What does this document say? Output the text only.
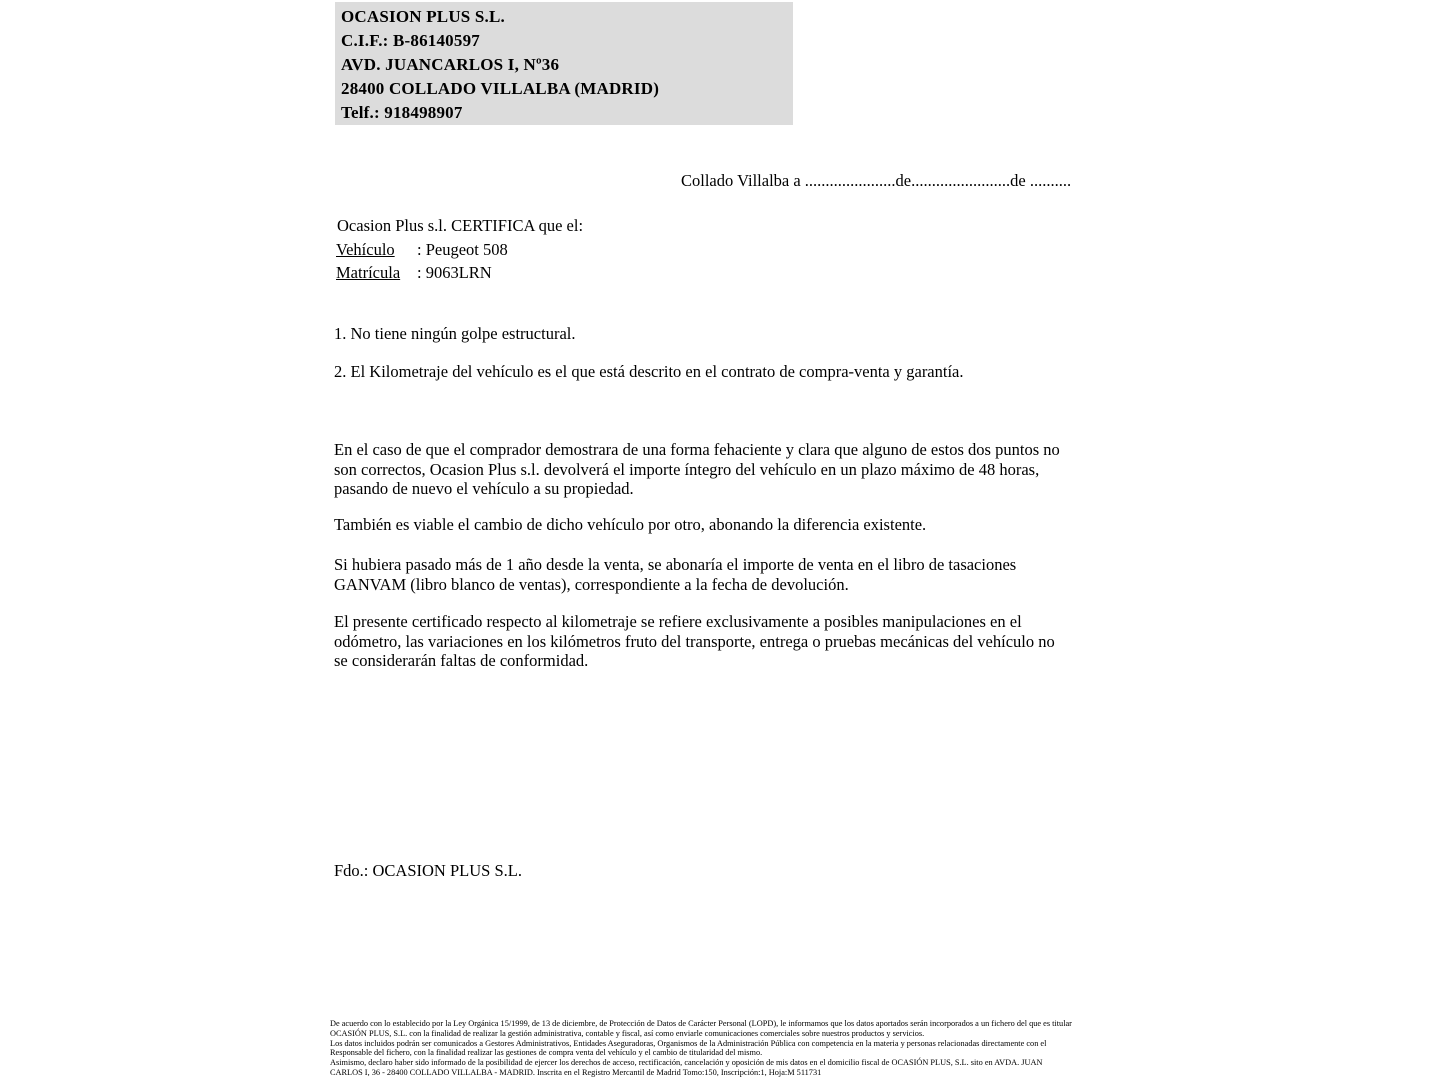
OCASION PLUS S.L.
C.I.F.: B-86140597
AVD. JUANCARLOS I, Nº36
28400 COLLADO VILLALBA (MADRID)
Telf.: 918498907
Collado Villalba a ......................de........................de ..........
Ocasion Plus s.l. CERTIFICA que el:
Vehículo : Peugeot 508
Matrícula : 9063LRN
1. No tiene ningún golpe estructural.
2. El Kilometraje del vehículo es el que está descrito en el contrato de compra-venta y garantía.
En el caso de que el comprador demostrara de una forma fehaciente y clara que alguno de estos dos puntos no
son correctos, Ocasion Plus s.l. devolverá el importe íntegro del vehículo en un plazo máximo de 48 horas,
pasando de nuevo el vehículo a su propiedad.
También es viable el cambio de dicho vehículo por otro, abonando la diferencia existente.
Si hubiera pasado más de 1 año desde la venta, se abonaría el importe de venta en el libro de tasaciones
GANVAM (libro blanco de ventas), correspondiente a la fecha de devolución.
El presente certificado respecto al kilometraje se refiere exclusivamente a posibles manipulaciones en el
odómetro, las variaciones en los kilómetros fruto del transporte, entrega o pruebas mecánicas del vehículo no
se considerarán faltas de conformidad.
Fdo.: OCASION PLUS S.L.
De acuerdo con lo establecido por la Ley Orgánica 15/1999, de 13 de diciembre, de Protección de Datos de Carácter Personal (LOPD), le informamos que los datos aportados serán incorporados a un fichero del que es titular
OCASIÓN PLUS, S.L. con la finalidad de realizar la gestión administrativa, contable y fiscal, así como enviarle comunicaciones comerciales sobre nuestros productos y servicios.
Los datos incluidos podrán ser comunicados a Gestores Administrativos, Entidades Aseguradoras, Organismos de la Administración Pública con competencia en la materia y personas relacionadas directamente con el
Responsable del fichero, con la finalidad realizar las gestiones de compra venta del vehículo y el cambio de titularidad del mismo.
Asimismo, declaro haber sido informado de la posibilidad de ejercer los derechos de acceso, rectificación, cancelación y oposición de mis datos en el domicilio fiscal de OCASIÓN PLUS, S.L. sito en AVDA. JUAN
CARLOS I, 36 - 28400 COLLADO VILLALBA - MADRID. Inscrita en el Registro Mercantil de Madrid Tomo:150, Inscripción:1, Hoja:M 511731
